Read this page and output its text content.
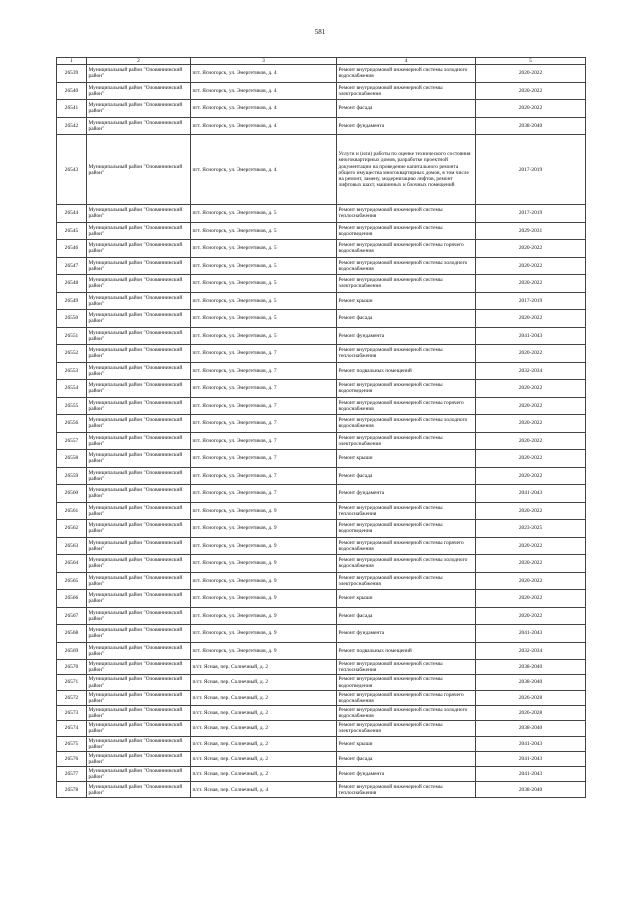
581
1	2	3	4	5
26539	Муниципальный район "Оловяннинский район"	пгт. Ясногорск, ул. Энергетиков, д. 4	Ремонт внутридомовой инженерной системы холодного водоснабжения	2020-2022
26540	Муниципальный район "Оловяннинский район"	пгт. Ясногорск, ул. Энергетиков, д. 4	Ремонт внутридомовой инженерной системы электроснабжения	2020-2022
26541	Муниципальный район "Оловяннинский район"	пгт. Ясногорск, ул. Энергетиков, д. 4	Ремонт фасада	2020-2022
26542	Муниципальный район "Оловяннинский район"	пгт. Ясногорск, ул. Энергетиков, д. 4	Ремонт фундамента	2038-2040
26543	Муниципальный район "Оловяннинский район"	пгт. Ясногорск, ул. Энергетиков, д. 4	Услуги и (или) работы по оценке технического состояния многоквартирных домов, разработке проектной документации на проведение капитального ремонта общего имущества многоквартирных домов, в том числе на ремонт, замену, модернизацию лифтов, ремонт лифтовых шахт, машинных и блочных помещений	2017-2019
26544	Муниципальный район "Оловяннинский район"	пгт. Ясногорск, ул. Энергетиков, д. 5	Ремонт внутридомовой инженерной системы теплоснабжения	2017-2019
26545	Муниципальный район "Оловяннинский район"	пгт. Ясногорск, ул. Энергетиков, д. 5	Ремонт внутридомовой инженерной системы водоотведения	2029-2031
26546	Муниципальный район "Оловяннинский район"	пгт. Ясногорск, ул. Энергетиков, д. 5	Ремонт внутридомовой инженерной системы горячего водоснабжения	2020-2022
26547	Муниципальный район "Оловяннинский район"	пгт. Ясногорск, ул. Энергетиков, д. 5	Ремонт внутридомовой инженерной системы холодного водоснабжения	2020-2022
26548	Муниципальный район "Оловяннинский район"	пгт. Ясногорск, ул. Энергетиков, д. 5	Ремонт внутридомовой инженерной системы электроснабжения	2020-2022
26549	Муниципальный район "Оловяннинский район"	пгт. Ясногорск, ул. Энергетиков, д. 5	Ремонт крыши	2017-2019
26550	Муниципальный район "Оловяннинский район"	пгт. Ясногорск, ул. Энергетиков, д. 5	Ремонт фасада	2020-2022
26551	Муниципальный район "Оловяннинский район"	пгт. Ясногорск, ул. Энергетиков, д. 5	Ремонт фундамента	2041-2043
26552	Муниципальный район "Оловяннинский район"	пгт. Ясногорск, ул. Энергетиков, д. 7	Ремонт внутридомовой инженерной системы теплоснабжения	2020-2022
26553	Муниципальный район "Оловяннинский район"	пгт. Ясногорск, ул. Энергетиков, д. 7	Ремонт подвальных помещений	2032-2034
26554	Муниципальный район "Оловяннинский район"	пгт. Ясногорск, ул. Энергетиков, д. 7	Ремонт внутридомовой инженерной системы водоотведения	2020-2022
26555	Муниципальный район "Оловяннинский район"	пгт. Ясногорск, ул. Энергетиков, д. 7	Ремонт внутридомовой инженерной системы горячего водоснабжения	2020-2022
26556	Муниципальный район "Оловяннинский район"	пгт. Ясногорск, ул. Энергетиков, д. 7	Ремонт внутридомовой инженерной системы холодного водоснабжения	2020-2022
26557	Муниципальный район "Оловяннинский район"	пгт. Ясногорск, ул. Энергетиков, д. 7	Ремонт внутридомовой инженерной системы электроснабжения	2020-2022
26558	Муниципальный район "Оловяннинский район"	пгт. Ясногорск, ул. Энергетиков, д. 7	Ремонт крыши	2020-2022
26559	Муниципальный район "Оловяннинский район"	пгт. Ясногорск, ул. Энергетиков, д. 7	Ремонт фасада	2020-2022
26560	Муниципальный район "Оловяннинский район"	пгт. Ясногорск, ул. Энергетиков, д. 7	Ремонт фундамента	2041-2043
26561	Муниципальный район "Оловяннинский район"	пгт. Ясногорск, ул. Энергетиков, д. 9	Ремонт внутридомовой инженерной системы теплоснабжения	2020-2022
26562	Муниципальный район "Оловяннинский район"	пгт. Ясногорск, ул. Энергетиков, д. 9	Ремонт внутридомовой инженерной системы водоотведения	2023-2025
26563	Муниципальный район "Оловяннинский район"	пгт. Ясногорск, ул. Энергетиков, д. 9	Ремонт внутридомовой инженерной системы горячего водоснабжения	2020-2022
26564	Муниципальный район "Оловяннинский район"	пгт. Ясногорск, ул. Энергетиков, д. 9	Ремонт внутридомовой инженерной системы холодного водоснабжения	2020-2022
26565	Муниципальный район "Оловяннинский район"	пгт. Ясногорск, ул. Энергетиков, д. 9	Ремонт внутридомовой инженерной системы электроснабжения	2020-2022
26566	Муниципальный район "Оловяннинский район"	пгт. Ясногорск, ул. Энергетиков, д. 9	Ремонт крыши	2020-2022
26567	Муниципальный район "Оловяннинский район"	пгт. Ясногорск, ул. Энергетиков, д. 9	Ремонт фасада	2020-2022
26568	Муниципальный район "Оловяннинский район"	пгт. Ясногорск, ул. Энергетиков, д. 9	Ремонт фундамента	2041-2043
26569	Муниципальный район "Оловяннинский район"	пгт. Ясногорск, ул. Энергетиков, д. 9	Ремонт подвальных помещений	2032-2034
26570	Муниципальный район "Оловяннинский район"	п/ст. Ясная, пер. Солнечный, д. 2	Ремонт внутридомовой инженерной системы теплоснабжения	2038-2040
26571	Муниципальный район "Оловяннинский район"	п/ст. Ясная, пер. Солнечный, д. 2	Ремонт внутридомовой инженерной системы водоотведения	2038-2040
26572	Муниципальный район "Оловяннинский район"	п/ст. Ясная, пер. Солнечный, д. 2	Ремонт внутридомовой инженерной системы горячего водоснабжения	2026-2028
26573	Муниципальный район "Оловяннинский район"	п/ст. Ясная, пер. Солнечный, д. 2	Ремонт внутридомовой инженерной системы холодного водоснабжения	2026-2028
26574	Муниципальный район "Оловяннинский район"	п/ст. Ясная, пер. Солнечный, д. 2	Ремонт внутридомовой инженерной системы электроснабжения	2038-2040
26575	Муниципальный район "Оловяннинский район"	п/ст. Ясная, пер. Солнечный, д. 2	Ремонт крыши	2041-2043
26576	Муниципальный район "Оловяннинский район"	п/ст. Ясная, пер. Солнечный, д. 2	Ремонт фасада	2041-2043
26577	Муниципальный район "Оловяннинский район"	п/ст. Ясная, пер. Солнечный, д. 2	Ремонт фундамента	2041-2043
26578	Муниципальный район "Оловяннинский район"	п/ст. Ясная, пер. Солнечный, д. 4	Ремонт внутридомовой инженерной системы теплоснабжения	2038-2040
